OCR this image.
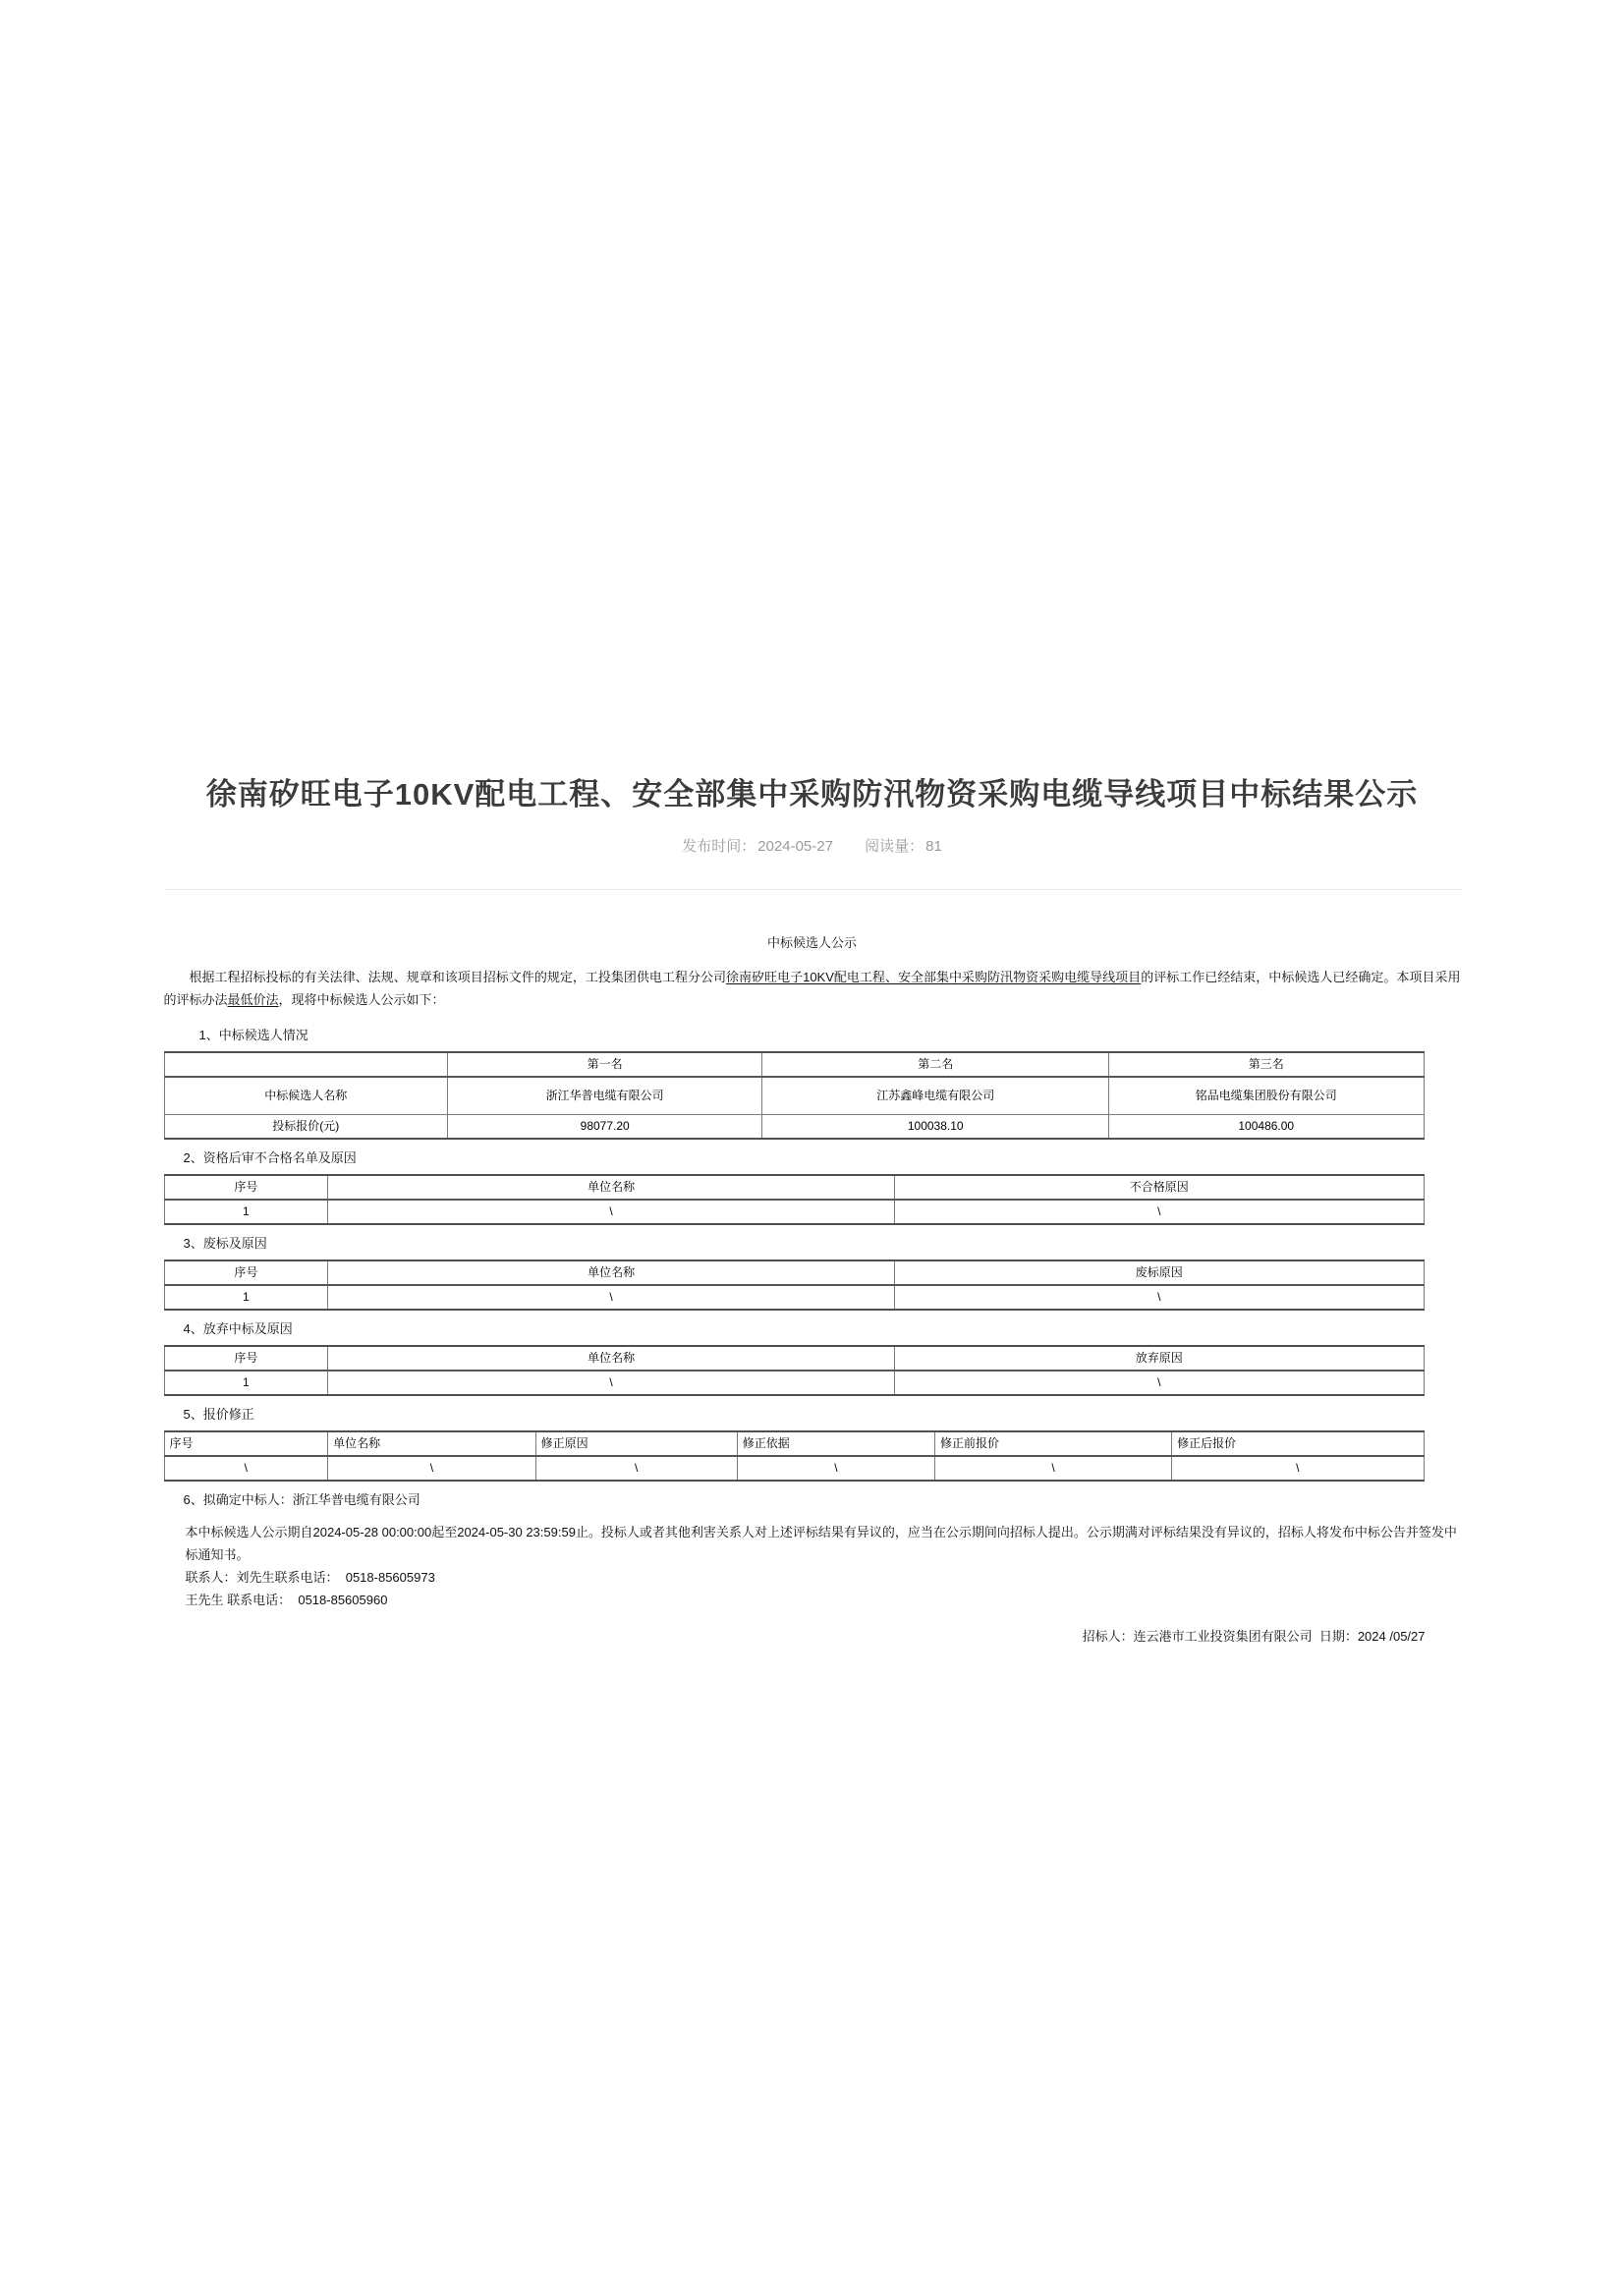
徐南矽旺电子10KV配电工程、安全部集中采购防汛物资采购电缆导线项目中标结果公示
发布时间： 2024-05-27 阅读量： 81
中标候选人公示

根据工程招标投标的有关法律、法规、规章和该项目招标文件的规定，工投集团供电工程分公司徐南矽旺电子10KV配电工程、安全部集中采购防汛物资采购电缆导线项目的评标工作已经结束，中标候选人已经确定。本项目采用的评标办法最低价法，现将中标候选人公示如下：

1、中标候选人情况
	第一名	第二名	第三名
中标候选人名称	浙江华普电缆有限公司	江苏鑫峰电缆有限公司	铭品电缆集团股份有限公司
投标报价(元)	98077.20	100038.10	100486.00
2、资格后审不合格名单及原因
序号	单位名称	不合格原因
1	\	\
3、废标及原因
序号	单位名称	废标原因
1	\	\
4、放弃中标及原因
序号	单位名称	放弃原因
1	\	\
5、报价修正
序号	单位名称	修正原因	修正依据	修正前报价	修正后报价
\	\	\	\	\	\
6、拟确定中标人：浙江华普电缆有限公司

本中标候选人公示期自2024-05-28 00:00:00起至2024-05-30 23:59:59止。投标人或者其他利害关系人对上述评标结果有异议的，应当在公示期间向招标人提出。公示期满对评标结果没有异议的，招标人将发布中标公告并签发中标通知书。

联系人：刘先生联系电话：  0518-85605973
王先生 联系电话：  0518-85605960
招标人：连云港市工业投资集团有限公司  日期：2024 /05/27
